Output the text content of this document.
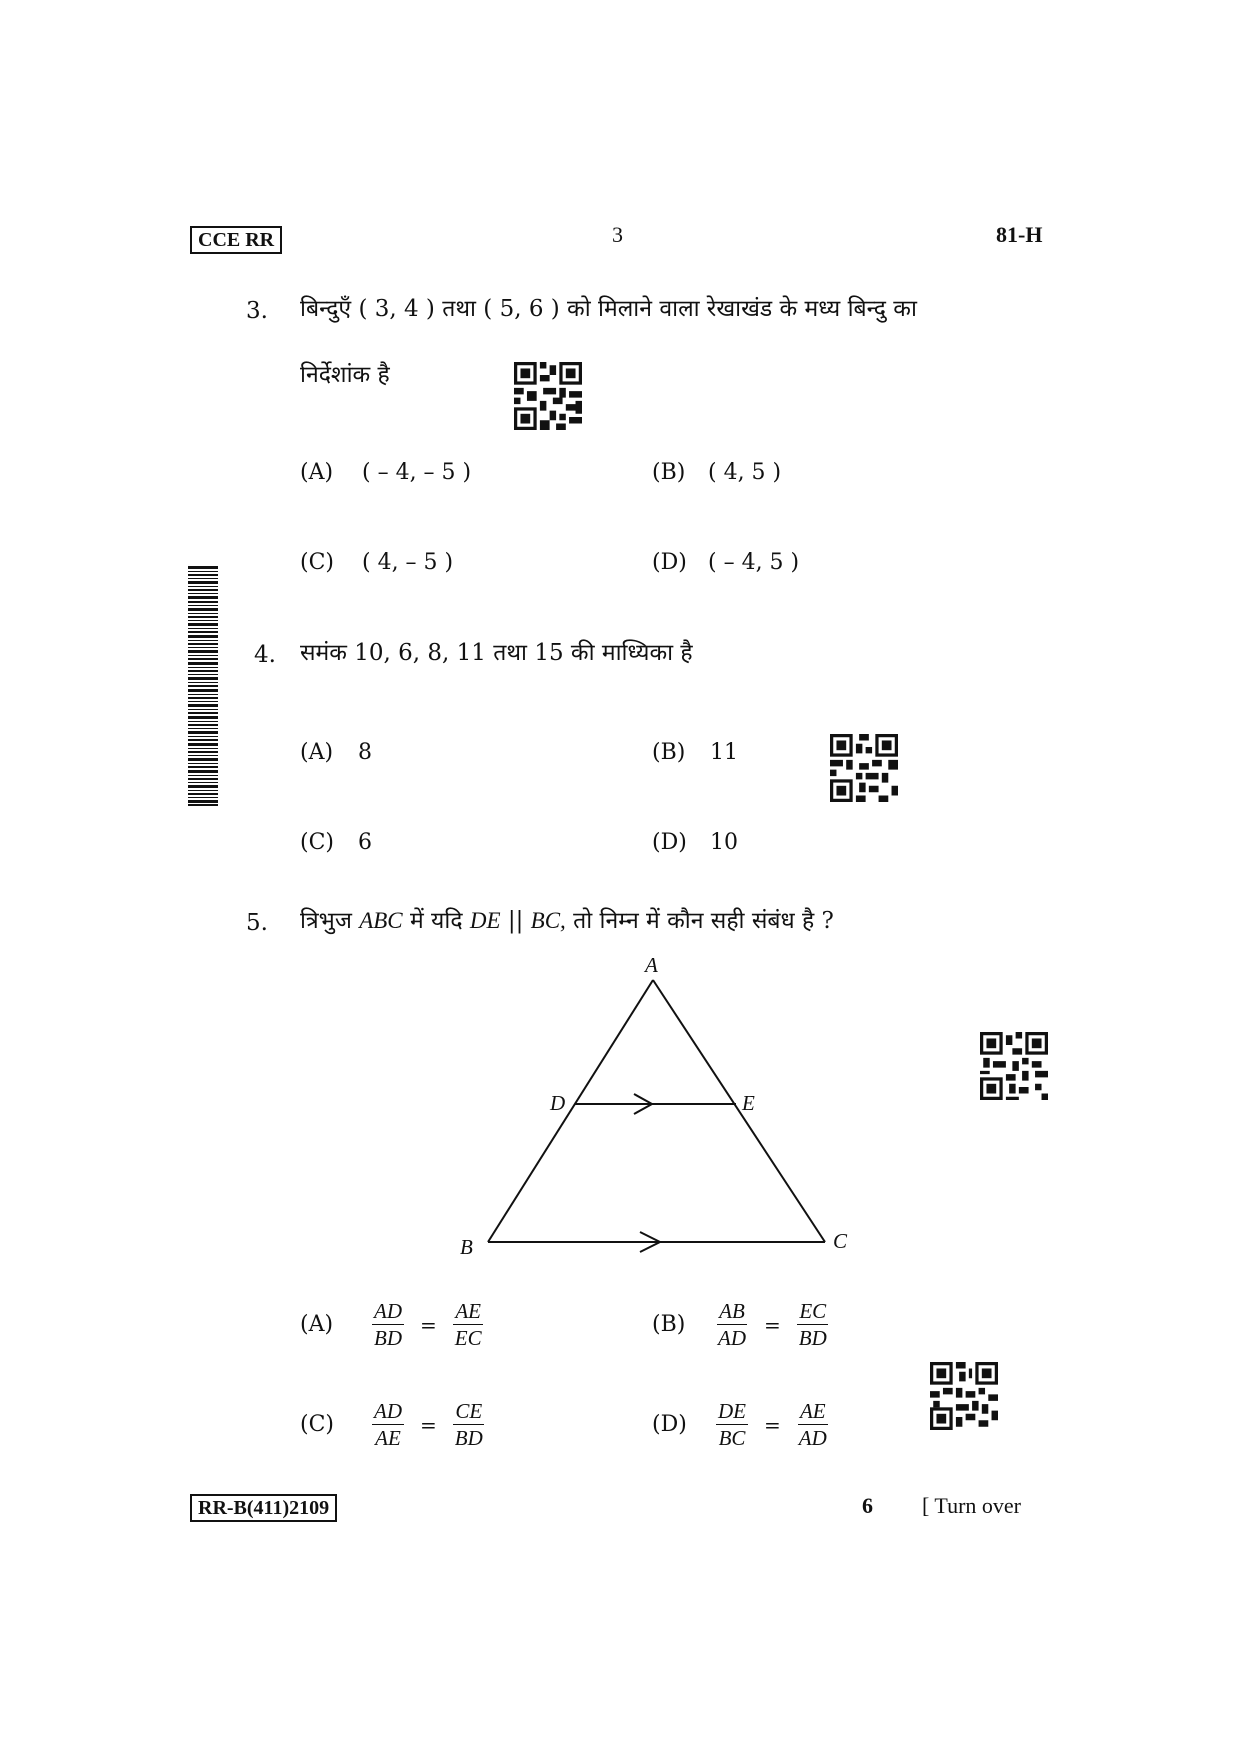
CCE RR	3	81-H
3. बिन्दुएँ ( 3, 4 ) तथा ( 5, 6 ) को मिलाने वाला रेखाखंड के मध्य बिन्दु का
निर्देशांक है
(A) ( – 4, – 5 )	(B) ( 4, 5 )
(C) ( 4, – 5 )	(D) ( – 4, 5 )
4. समंक 10, 6, 8, 11 तथा 15 की माध्यिका है
(A) 8	(B) 11
(C) 6	(D) 10
5. त्रिभुज ABC में यदि DE || BC, तो निम्न में कौन सही संबंध है ?
A
D	E
B	C
(A)	$\frac{AD}{BD} = \frac{AE}{EC}$	(B)	$\frac{AB}{AD} = \frac{EC}{BD}$
(C)	$\frac{AD}{AE} = \frac{CE}{BD}$	(D)	$\frac{DE}{BC} = \frac{AE}{AD}$
RR-B(411)2109	6 [ Turn over
